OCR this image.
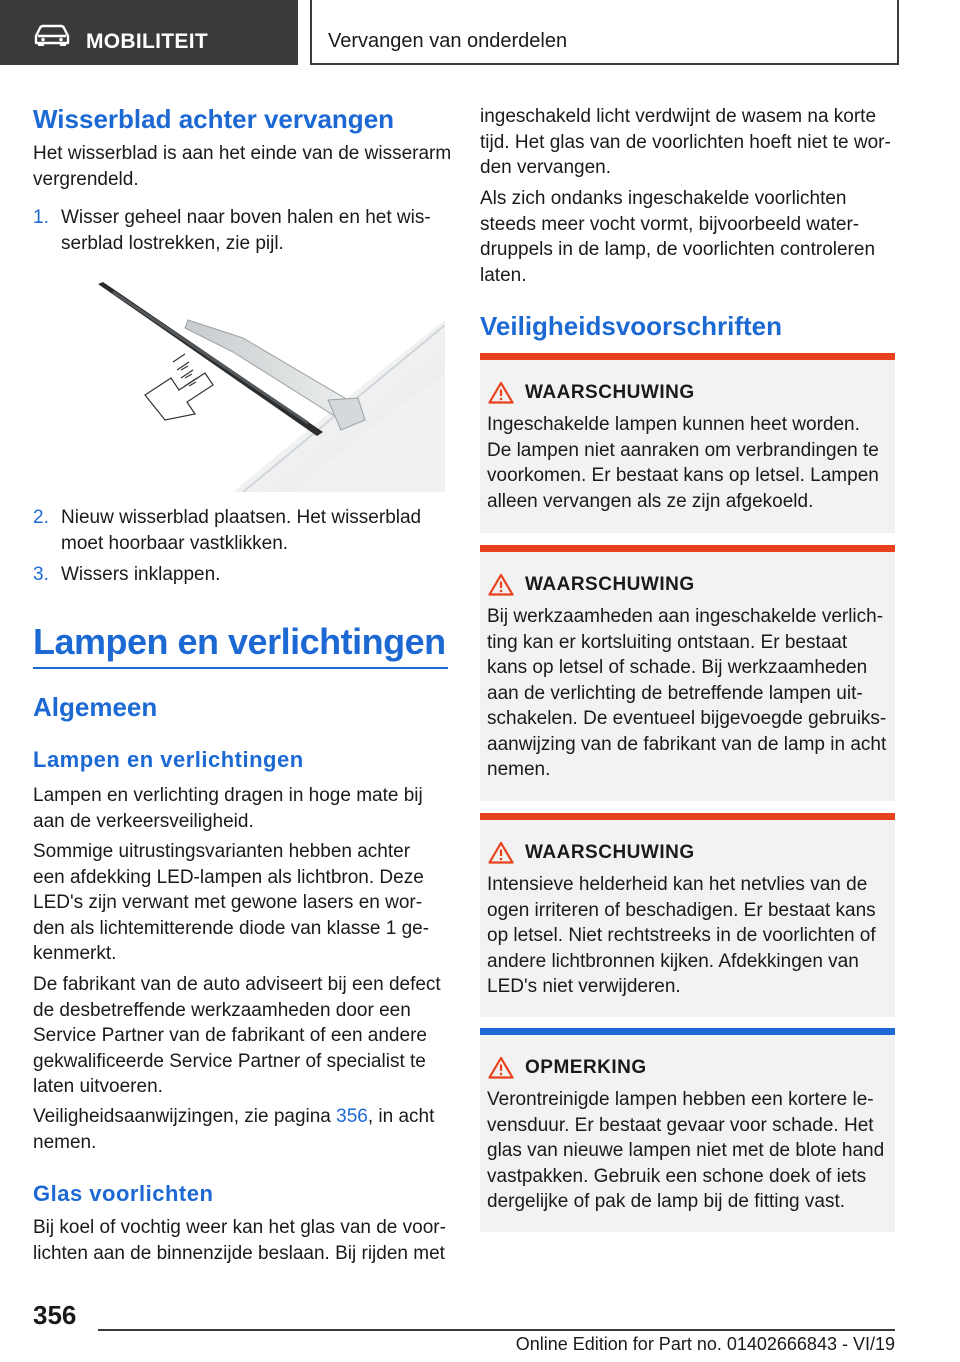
MOBILITEIT	Vervangen van onderdelen
Wisserblad achter vervangen
Het wisserblad is aan het einde van de wisserarm
vergrendeld.
1. Wisser geheel naar boven halen en het wis-
serblad lostrekken, zie pijl.
2. Nieuw wisserblad plaatsen. Het wisserblad
moet hoorbaar vastklikken.
3. Wissers inklappen.
Lampen en verlichtingen
Algemeen
Lampen en verlichtingen
Lampen en verlichting dragen in hoge mate bij
aan de verkeersveiligheid.
Sommige uitrustingsvarianten hebben achter
een afdekking LED-lampen als lichtbron. Deze
LED's zijn verwant met gewone lasers en wor-
den als lichtemitterende diode van klasse 1 ge-
kenmerkt.
De fabrikant van de auto adviseert bij een defect
de desbetreffende werkzaamheden door een
Service Partner van de fabrikant of een andere
gekwalificeerde Service Partner of specialist te
laten uitvoeren.
Veiligheidsaanwijzingen, zie pagina 356, in acht
nemen.
Glas voorlichten
Bij koel of vochtig weer kan het glas van de voor-
lichten aan de binnenzijde beslaan. Bij rijden met
ingeschakeld licht verdwijnt de wasem na korte
tijd. Het glas van de voorlichten hoeft niet te wor-
den vervangen.
Als zich ondanks ingeschakelde voorlichten
steeds meer vocht vormt, bijvoorbeeld water-
druppels in de lamp, de voorlichten controleren
laten.
Veiligheidsvoorschriften
WAARSCHUWING
Ingeschakelde lampen kunnen heet worden.
De lampen niet aanraken om verbrandingen te
voorkomen. Er bestaat kans op letsel. Lampen
alleen vervangen als ze zijn afgekoeld.
WAARSCHUWING
Bij werkzaamheden aan ingeschakelde verlich-
ting kan er kortsluiting ontstaan. Er bestaat
kans op letsel of schade. Bij werkzaamheden
aan de verlichting de betreffende lampen uit-
schakelen. De eventueel bijgevoegde gebruiks-
aanwijzing van de fabrikant van de lamp in acht
nemen.
WAARSCHUWING
Intensieve helderheid kan het netvlies van de
ogen irriteren of beschadigen. Er bestaat kans
op letsel. Niet rechtstreeks in de voorlichten of
andere lichtbronnen kijken. Afdekkingen van
LED's niet verwijderen.
OPMERKING
Verontreinigde lampen hebben een kortere le-
vensduur. Er bestaat gevaar voor schade. Het
glas van nieuwe lampen niet met de blote hand
vastpakken. Gebruik een schone doek of iets
dergelijke of pak de lamp bij de fitting vast.
356
Online Edition for Part no. 01402666843 - VI/19
